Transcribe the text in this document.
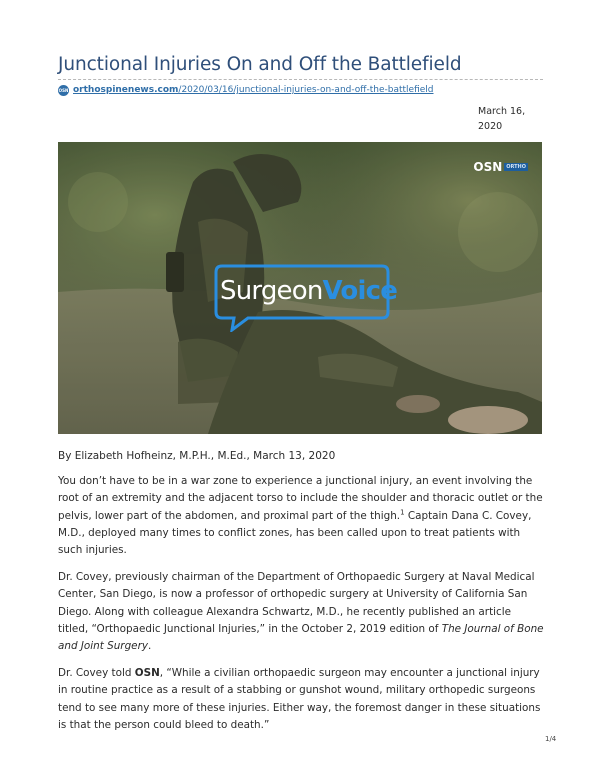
Junctional Injuries On and Off the Battlefield
OSN orthospinenews.com /2020/03/16/junctional-injuries-on-and-off-the-battlefield
March 16,
2020
OSN ORTHO
SurgeonVoice
By Elizabeth Hofheinz, M.P.H., M.Ed., March 13, 2020

You don’t have to be in a war zone to experience a junctional injury, an event involving the root of an extremity and the adjacent torso to include the shoulder and thoracic outlet or the pelvis, lower part of the abdomen, and proximal part of the thigh.$^1$ Captain Dana C. Covey, M.D., deployed many times to conflict zones, has been called upon to treat patients with such injuries.

Dr. Covey, previously chairman of the Department of Orthopaedic Surgery at Naval Medical Center, San Diego, is now a professor of orthopedic surgery at University of California San Diego. Along with colleague Alexandra Schwartz, M.D., he recently published an article titled, “Orthopaedic Junctional Injuries,” in the October 2, 2019 edition of The Journal of Bone and Joint Surgery.

Dr. Covey told OSN, “While a civilian orthopaedic surgeon may encounter a junctional injury in routine practice as a result of a stabbing or gunshot wound, military orthopedic surgeons tend to see many more of these injuries. Either way, the foremost danger in these situations is that the person could bleed to death.”

1/4
